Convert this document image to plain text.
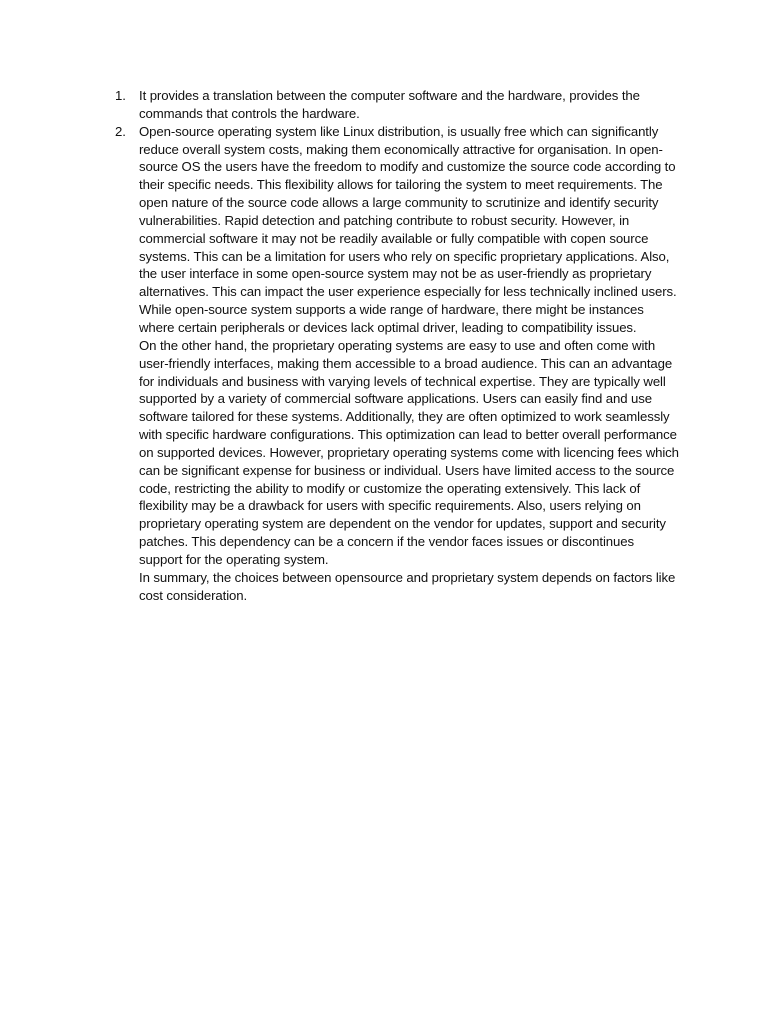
1. It provides a translation between the computer software and the hardware, provides the commands that controls the hardware.

2. Open-source operating system like Linux distribution, is usually free which can significantly reduce overall system costs, making them economically attractive for organisation. In open-source OS the users have the freedom to modify and customize the source code according to their specific needs. This flexibility allows for tailoring the system to meet requirements. The open nature of the source code allows a large community to scrutinize and identify security vulnerabilities. Rapid detection and patching contribute to robust security. However, in commercial software it may not be readily available or fully compatible with copen source systems. This can be a limitation for users who rely on specific proprietary applications. Also, the user interface in some open-source system may not be as user-friendly as proprietary alternatives. This can impact the user experience especially for less technically inclined users. While open-source system supports a wide range of hardware, there might be instances where certain peripherals or devices lack optimal driver, leading to compatibility issues.

On the other hand, the proprietary operating systems are easy to use and often come with user-friendly interfaces, making them accessible to a broad audience. This can an advantage for individuals and business with varying levels of technical expertise. They are typically well supported by a variety of commercial software applications. Users can easily find and use software tailored for these systems. Additionally, they are often optimized to work seamlessly with specific hardware configurations. This optimization can lead to better overall performance on supported devices. However, proprietary operating systems come with licencing fees which can be significant expense for business or individual. Users have limited access to the source code, restricting the ability to modify or customize the operating extensively. This lack of flexibility may be a drawback for users with specific requirements. Also, users relying on proprietary operating system are dependent on the vendor for updates, support and security patches. This dependency can be a concern if the vendor faces issues or discontinues support for the operating system.

In summary, the choices between opensource and proprietary system depends on factors like cost consideration.
